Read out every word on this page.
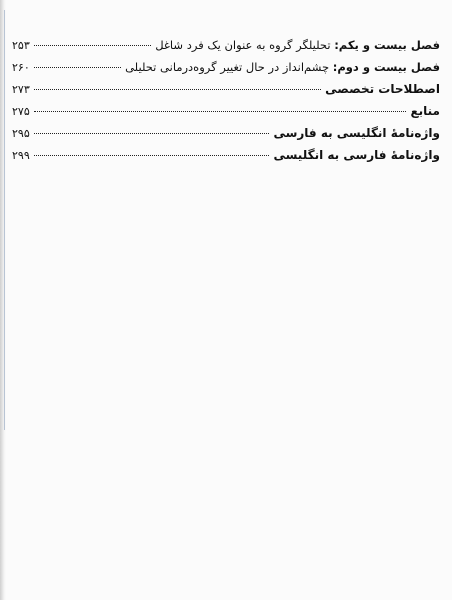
فصل بیست و یکم: تحلیلگر گروه به عنوان یک فرد شاغل
۲۵۳
فصل بیست و دوم: چشم‌انداز در حال تغییر گروه‌درمانی تحلیلی
۲۶۰
اصطلاحات تخصصی
۲۷۳
منابع
۲۷۵
واژه‌نامهٔ انگلیسی به فارسی
۲۹۵
واژه‌نامهٔ فارسی به انگلیسی
۲۹۹
